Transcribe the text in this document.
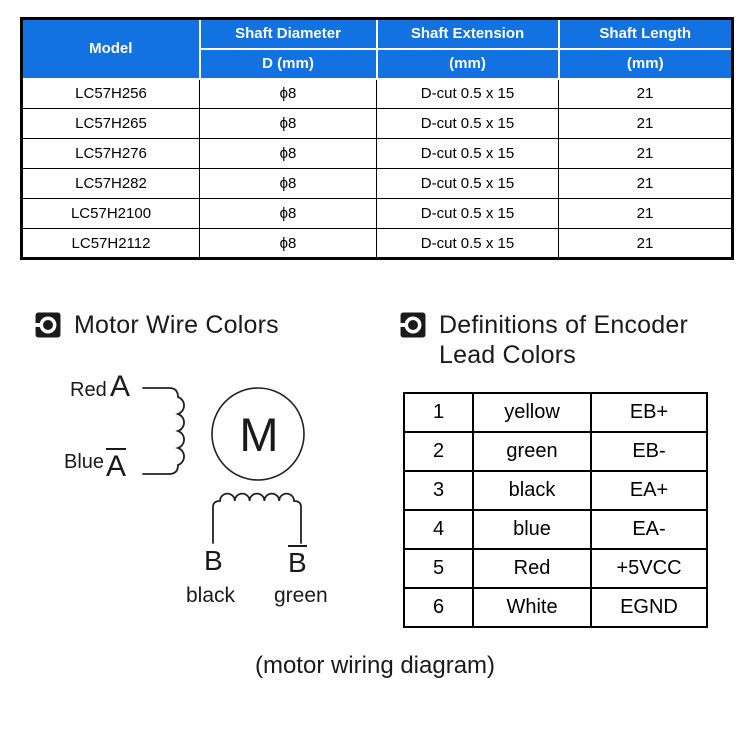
Model	Shaft Diameter	Shaft Extension	Shaft Length
	D (mm)	(mm)	(mm)
LC57H256	ϕ8	D-cut 0.5 x 15	21
LC57H265	ϕ8	D-cut 0.5 x 15	21
LC57H276	ϕ8	D-cut 0.5 x 15	21
LC57H282	ϕ8	D-cut 0.5 x 15	21
LC57H2100	ϕ8	D-cut 0.5 x 15	21
LC57H2112	ϕ8	D-cut 0.5 x 15	21
Motor Wire Colors	Definitions of Encoder
Lead Colors
Red A
Blue A
M
B B
black green
1	yellow	EB+
2	green	EB-
3	black	EA+
4	blue	EA-
5	Red	+5VCC
6	White	EGND
(motor wiring diagram)
